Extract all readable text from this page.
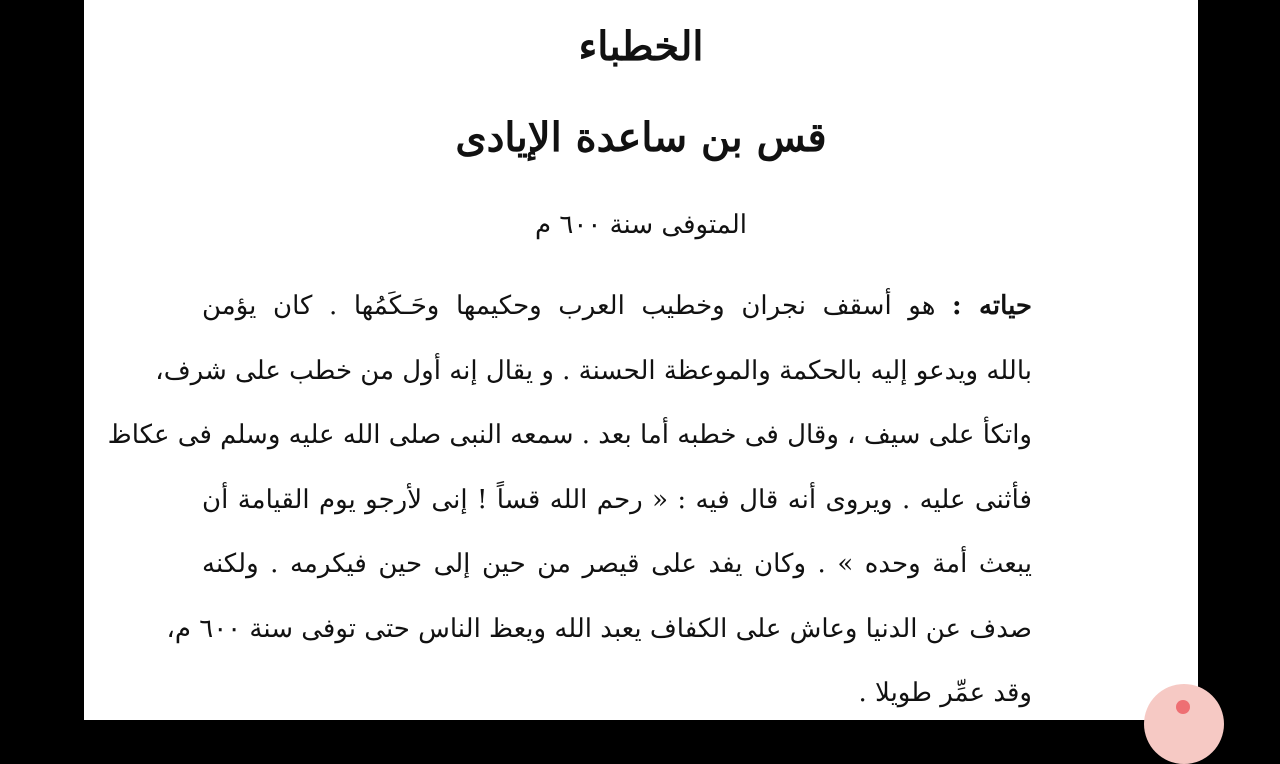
الخطباء
قس بن ساعدة الإيادى
المتوفى سنة ٦٠٠ م
حياته : هو أسقف نجران وخطيب العرب وحكيمها وحَـكَمُها . كان يؤمن
بالله ويدعو إليه بالحكمة والموعظة الحسنة . و يقال إنه أول من خطب على شرف،
واتكأ على سيف ، وقال فى خطبه أما بعد . سمعه النبى صلى الله عليه وسلم فى عكاظ
فأثنى عليه . ويروى أنه قال فيه : « رحم الله قساً ! إنى لأرجو يوم القيامة أن
يبعث أمة وحده » . وكان يفد على قيصر من حين إلى حين فيكرمه . ولكنه
صدف عن الدنيا وعاش على الكفاف يعبد الله ويعظ الناس حتى توفى سنة ٦٠٠ م،
وقد عمِّر طويلا .
